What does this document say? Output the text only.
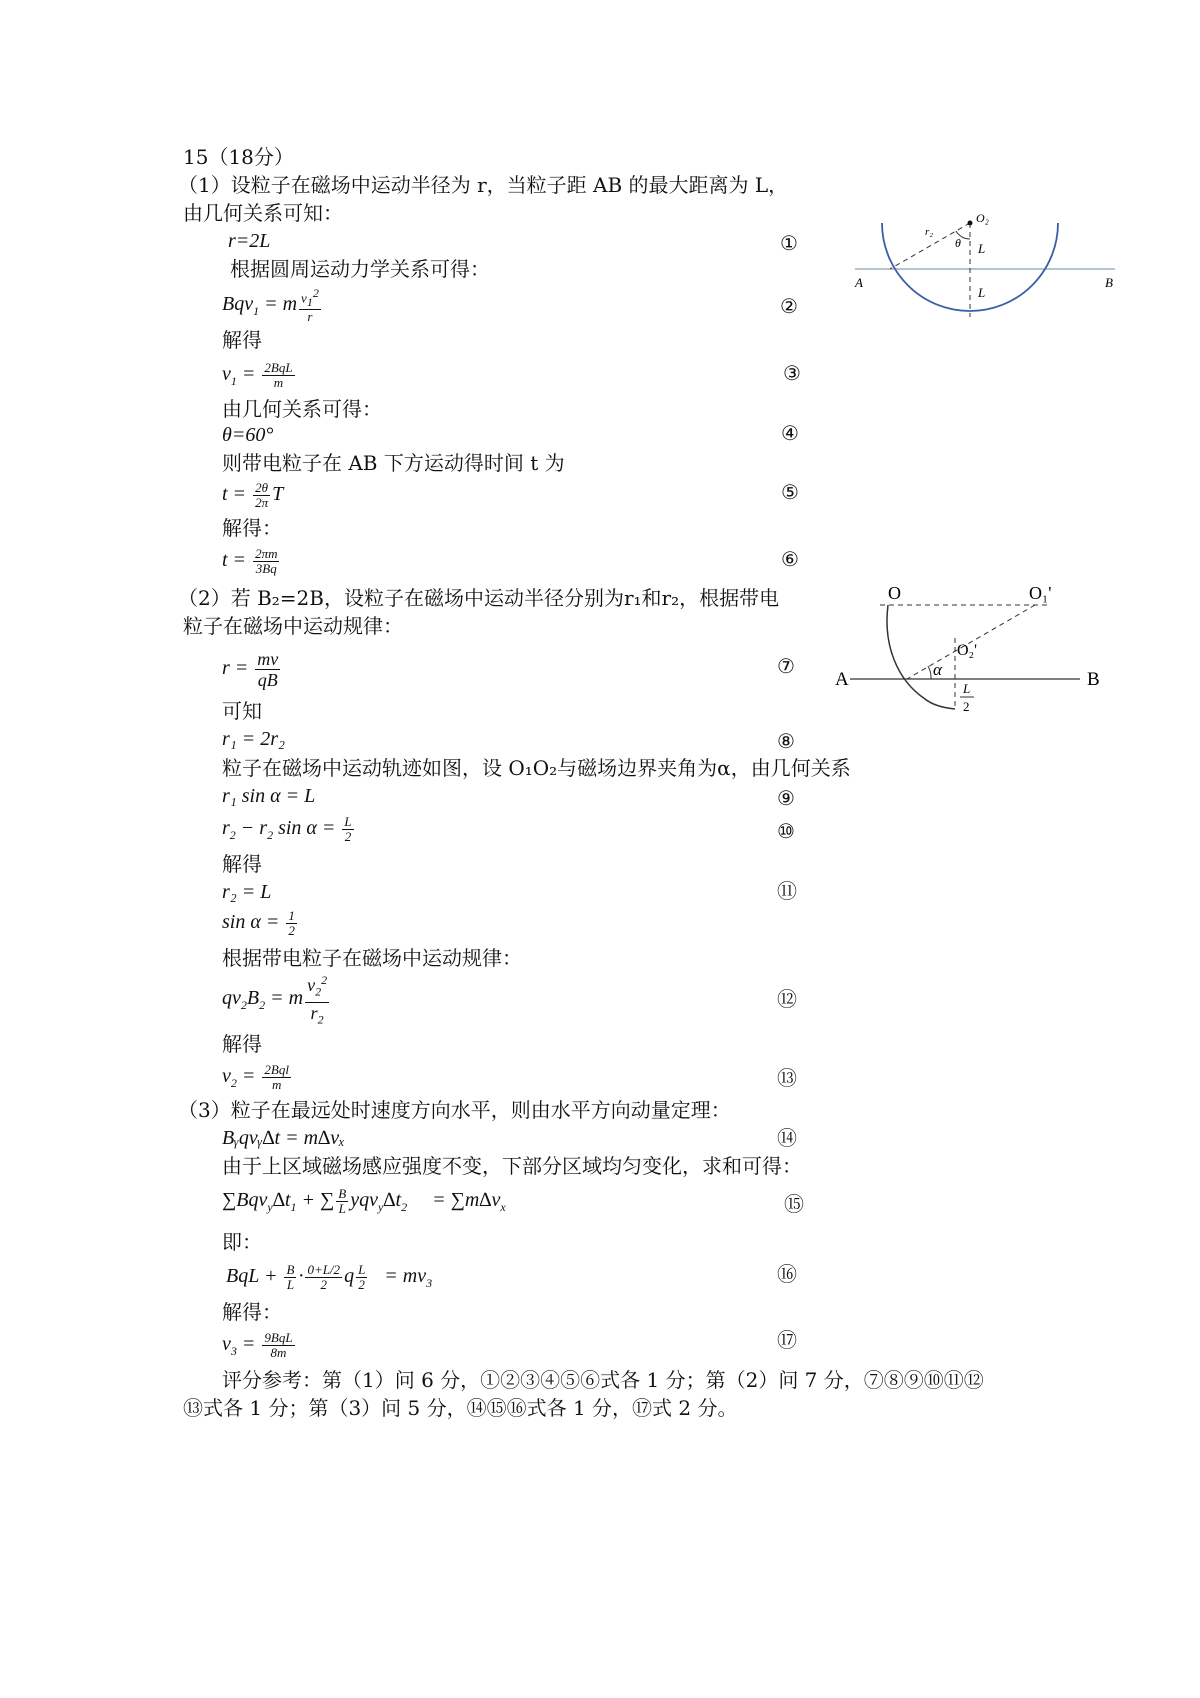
15（18分）
（1）设粒子在磁场中运动半径为 r，当粒子距 AB 的最大距离为 L，
由几何关系可知：
r=2L
根据圆周运动力学关系可得：
Bqv$_1$ = m $\frac{v_1^2}{r}$
解得
$v_1 = \frac{\text{2BqL}}{m}$
由几何关系可得：
θ=60°
则带电粒子在 AB 下方运动得时间 t 为
$t = \frac{2\theta}{2\pi}$ T
解得：
$t = \frac{2\pi m}{3Bq}$
（2）若 B₂=2B，设粒子在磁场中运动半径分别为r₁和r₂，根据带电
粒子在磁场中运动规律：
$r = \frac{mv}{qB}$
可知
r₁ = 2r₂
粒子在磁场中运动轨迹如图，设 O₁O₂与磁场边界夹角为α，由几何关系
r₁ sin α = L
$r_2 - r_2$ $\sin \alpha = \frac{L}{2}$
解得
r₂ = L
$\sin \alpha = \frac{1}{2}$
根据带电粒子在磁场中运动规律：
$qv_2B_2 = m \frac{v_2^2}{r_2}$
解得
$v_2 = \frac{\text{2Bql}}{m}$
（3）粒子在最远处时速度方向水平，则由水平方向动量定理：
Bᵧqvᵧ∆t = m∆vₓ
由于上区域磁场感应强度不变，下部分区域均匀变化，求和可得：
$\sum Bqv_y\Delta t_1$ + ∑ $\frac{B}{L} yqv_y\Delta t_2$     = $\sum m\Delta v_x$
即：
BqL + $\frac{B}{L} \cdot \frac{0+L/2}{2}$ q $\frac{L}{2} = mv_3$
解得：
$v_3 = \frac{\text{9BqL}}{8m}$
评分参考：第（1）问 6 分，①②③④⑤⑥式各 1 分；第（2）问 7 分，⑦⑧⑨⑩⑪⑫
⑬式各 1 分；第（3）问 5 分，⑭⑮⑯式各 1 分，⑰式 2 分。
①
②
③
④
⑤
⑥
⑦
⑧
⑨
⑩
⑪
⑫
⑬
⑭
⑮
⑯
⑰
O₂
r₂
θ L
L
A	B
O	O₁'
O₂'
α
L
2
A	B
